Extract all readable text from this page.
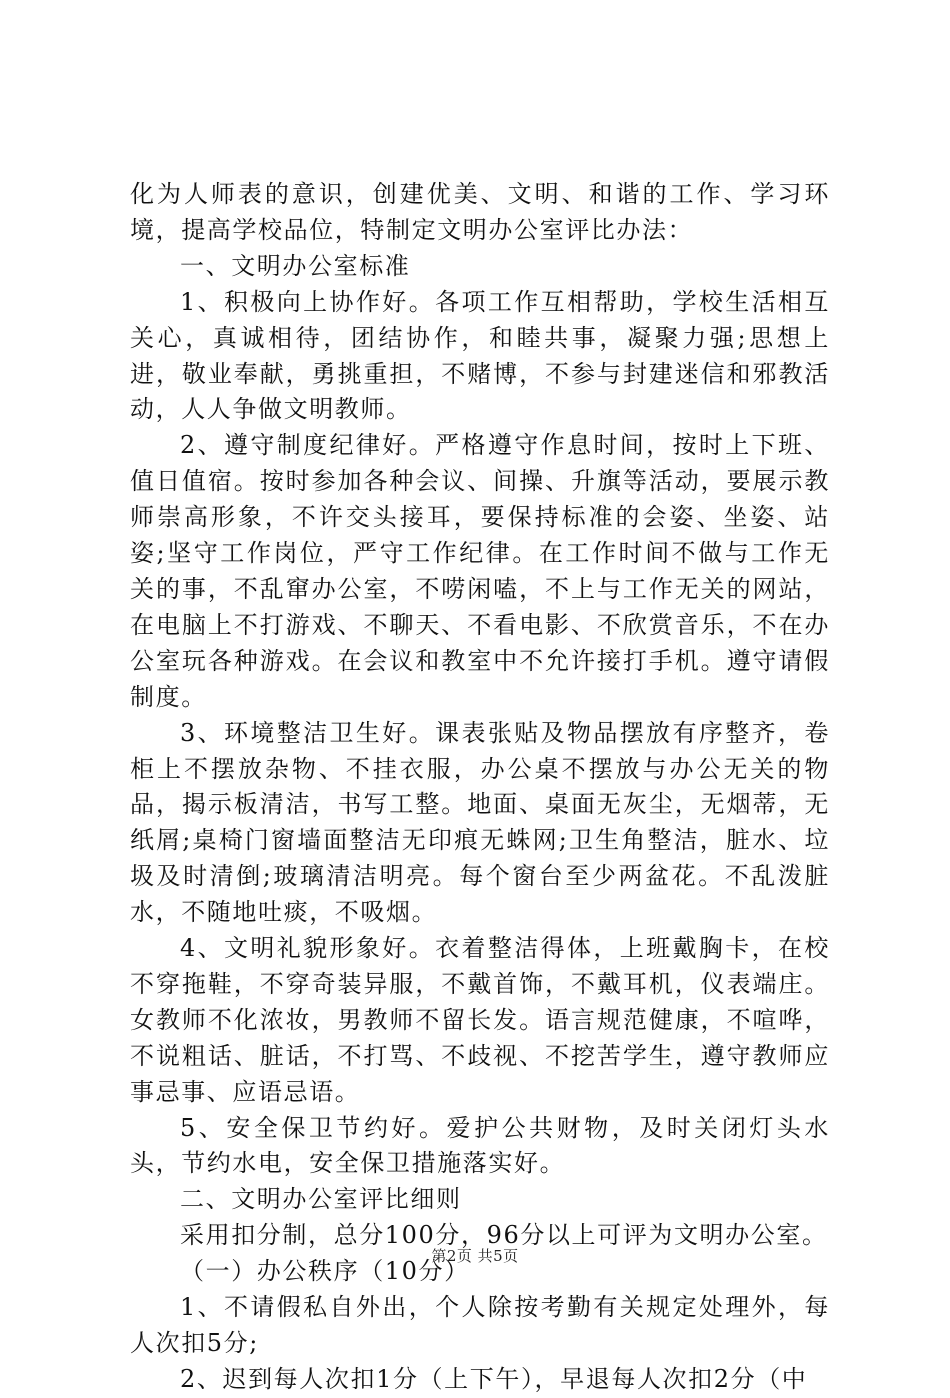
化为人师表的意识，创建优美、文明、和谐的工作、学习环境，提高学校品位，特制定文明办公室评比办法：

一、文明办公室标准

1、积极向上协作好。各项工作互相帮助，学校生活相互关心，真诚相待，团结协作，和睦共事，凝聚力强;思想上进，敬业奉献，勇挑重担，不赌博，不参与封建迷信和邪教活动，人人争做文明教师。

2、遵守制度纪律好。严格遵守作息时间，按时上下班、值日值宿。按时参加各种会议、间操、升旗等活动，要展示教师崇高形象，不许交头接耳，要保持标准的会姿、坐姿、站姿;坚守工作岗位，严守工作纪律。在工作时间不做与工作无关的事，不乱窜办公室，不唠闲嗑，不上与工作无关的网站，在电脑上不打游戏、不聊天、不看电影、不欣赏音乐，不在办公室玩各种游戏。在会议和教室中不允许接打手机。遵守请假制度。

3、环境整洁卫生好。课表张贴及物品摆放有序整齐，卷柜上不摆放杂物、不挂衣服，办公桌不摆放与办公无关的物品，揭示板清洁，书写工整。地面、桌面无灰尘，无烟蒂，无纸屑;桌椅门窗墙面整洁无印痕无蛛网;卫生角整洁，脏水、垃圾及时清倒;玻璃清洁明亮。每个窗台至少两盆花。不乱泼脏水，不随地吐痰，不吸烟。

4、文明礼貌形象好。衣着整洁得体，上班戴胸卡，在校不穿拖鞋，不穿奇装异服，不戴首饰，不戴耳机，仪表端庄。女教师不化浓妆，男教师不留长发。语言规范健康，不喧哗，不说粗话、脏话，不打骂、不歧视、不挖苦学生，遵守教师应事忌事、应语忌语。

5、安全保卫节约好。爱护公共财物，及时关闭灯头水头，节约水电，安全保卫措施落实好。

二、文明办公室评比细则

采用扣分制，总分100分，96分以上可评为文明办公室。

（一）办公秩序（10分）

1、不请假私自外出，个人除按考勤有关规定处理外，每人次扣5分;

2、迟到每人次扣1分（上下午），早退每人次扣2分（中

第2页 共5页
